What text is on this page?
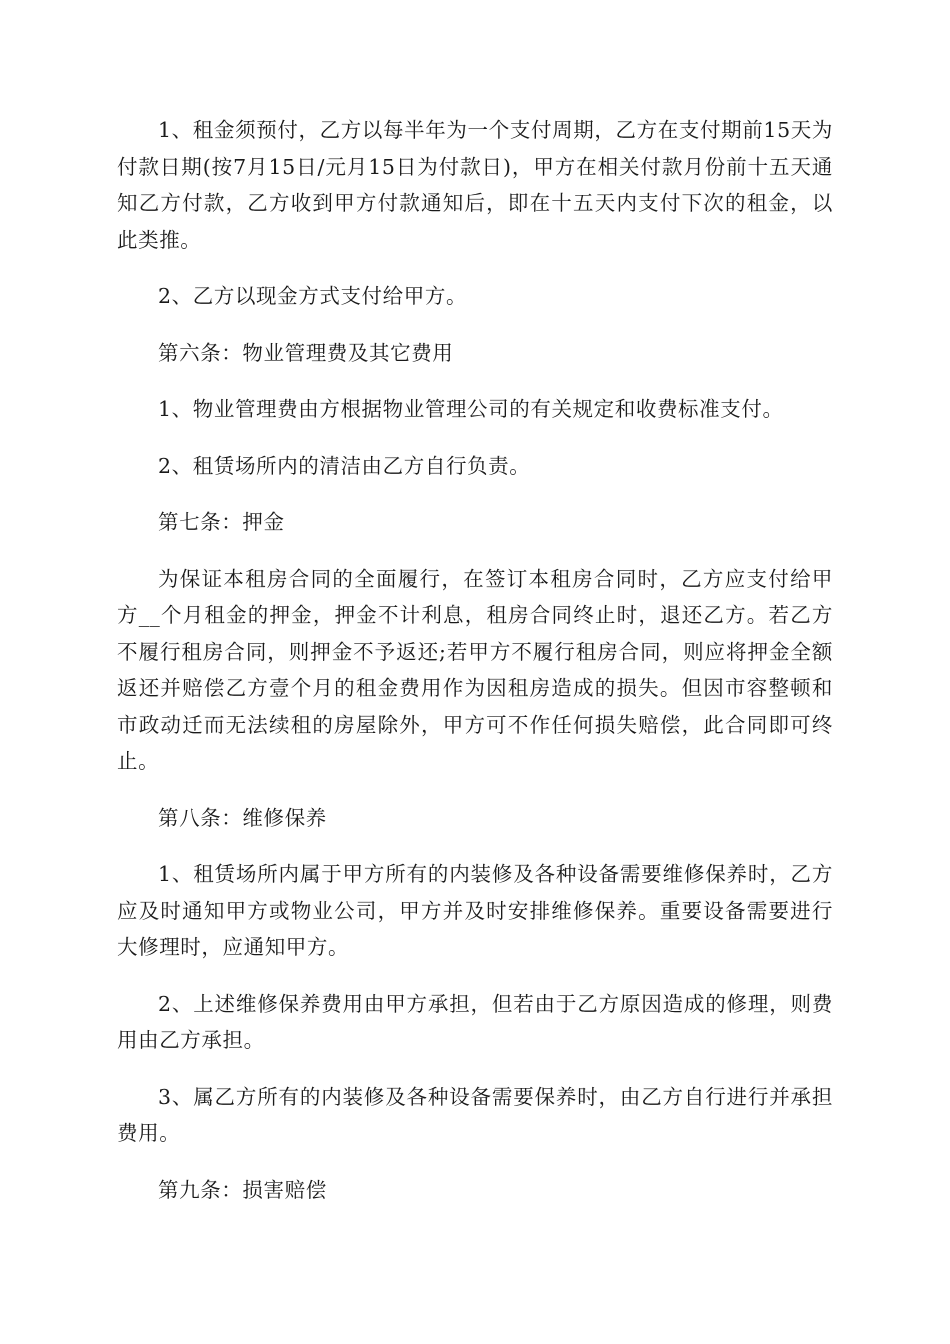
1、租金须预付，乙方以每半年为一个支付周期，乙方在支付期前15天为付款日期(按7月15日/元月15日为付款日)，甲方在相关付款月份前十五天通知乙方付款，乙方收到甲方付款通知后，即在十五天内支付下次的租金，以此类推。

2、乙方以现金方式支付给甲方。

第六条：物业管理费及其它费用

1、物业管理费由方根据物业管理公司的有关规定和收费标准支付。

2、租赁场所内的清洁由乙方自行负责。

第七条：押金

为保证本租房合同的全面履行，在签订本租房合同时，乙方应支付给甲方__个月租金的押金，押金不计利息，租房合同终止时，退还乙方。若乙方不履行租房合同，则押金不予返还;若甲方不履行租房合同，则应将押金全额返还并赔偿乙方壹个月的租金费用作为因租房造成的损失。但因市容整顿和市政动迁而无法续租的房屋除外，甲方可不作任何损失赔偿，此合同即可终止。

第八条：维修保养

1、租赁场所内属于甲方所有的内装修及各种设备需要维修保养时，乙方应及时通知甲方或物业公司，甲方并及时安排维修保养。重要设备需要进行大修理时，应通知甲方。

2、上述维修保养费用由甲方承担，但若由于乙方原因造成的修理，则费用由乙方承担。

3、属乙方所有的内装修及各种设备需要保养时，由乙方自行进行并承担费用。

第九条：损害赔偿
